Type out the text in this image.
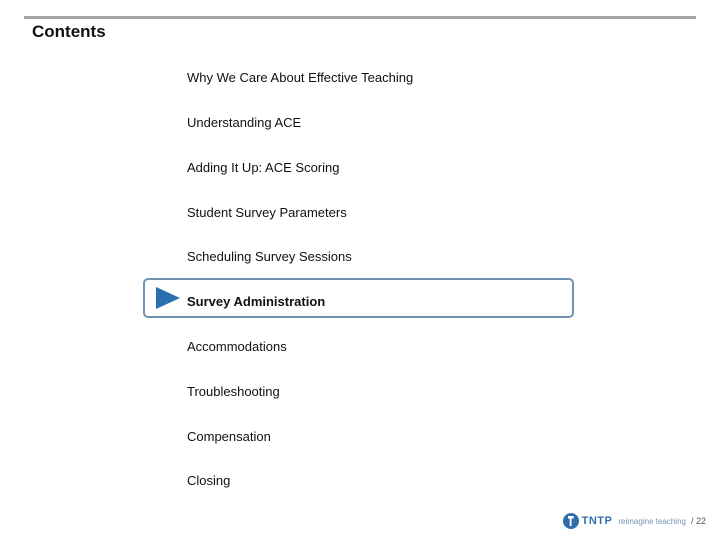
Contents
Why We Care About Effective Teaching
Understanding ACE
Adding It Up: ACE Scoring
Student Survey Parameters
Scheduling Survey Sessions
Survey Administration
Accommodations
Troubleshooting
Compensation
Closing
TNTP reimagine teaching / 22
